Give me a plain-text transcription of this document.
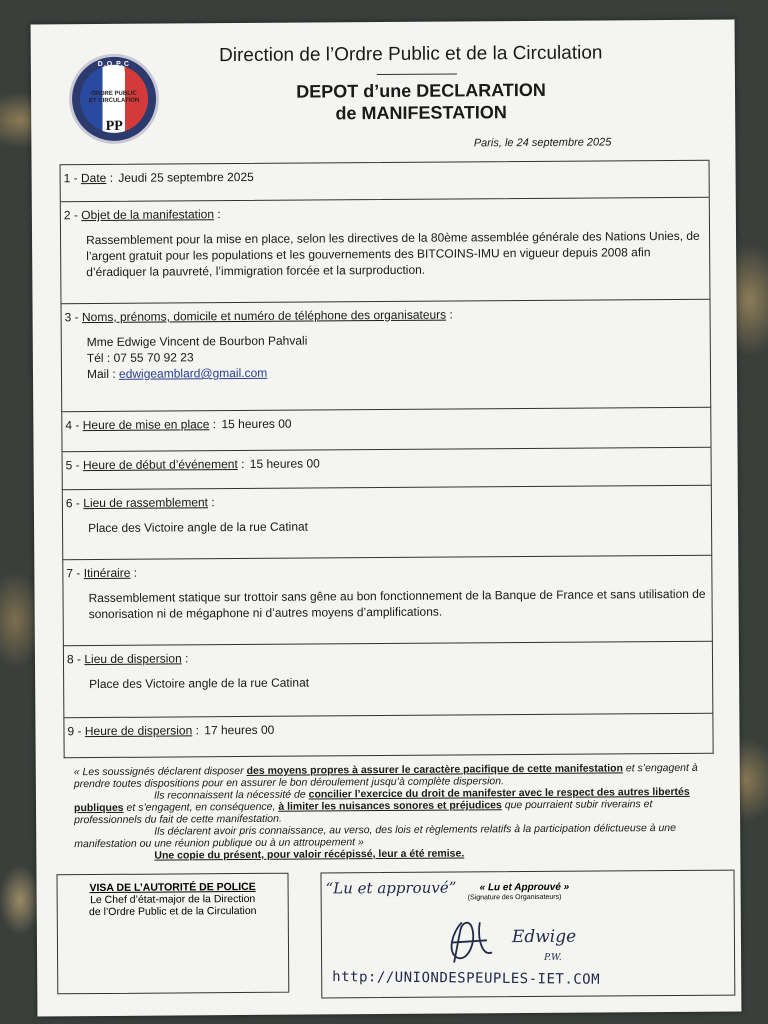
D.O.P.C
ORDRE PUBLIC
ET CIRCULATION
PP
Direction de l’Ordre Public et de la Circulation
DEPOT d’une DECLARATION
de MANIFESTATION
Paris, le 24 septembre 2025
1 - Date : Jeudi 25 septembre 2025
2 - Objet de la manifestation :
Rassemblement pour la mise en place, selon les directives de la 80ème assemblée générale des Nations Unies, de l’argent gratuit pour les populations et les gouvernements des BITCOINS-IMU en vigueur depuis 2008 afin d’éradiquer la pauvreté, l’immigration forcée et la surproduction.
3 - Noms, prénoms, domicile et numéro de téléphone des organisateurs :
Mme Edwige Vincent de Bourbon Pahvali
Tél : 07 55 70 92 23
Mail : edwigeamblard@gmail.com
4 - Heure de mise en place : 15 heures 00
5 - Heure de début d’événement : 15 heures 00
6 - Lieu de rassemblement :
Place des Victoire angle de la rue Catinat
7 - Itinéraire :
Rassemblement statique sur trottoir sans gêne au bon fonctionnement de la Banque de France et sans utilisation de sonorisation ni de mégaphone ni d’autres moyens d’amplifications.
8 - Lieu de dispersion :
Place des Victoire angle de la rue Catinat
9 - Heure de dispersion : 17 heures 00

« Les soussignés déclarent disposer des moyens propres à assurer le caractère pacifique de cette manifestation et s’engagent à prendre toutes dispositions pour en assurer le bon déroulement jusqu’à complète dispersion.

Ils reconnaissent la nécessité de concilier l’exercice du droit de manifester avec le respect des autres libertés publiques et s’engagent, en conséquence, à limiter les nuisances sonores et préjudices que pourraient subir riverains et professionnels du fait de cette manifestation.

Ils déclarent avoir pris connaissance, au verso, des lois et règlements relatifs à la participation délictueuse à une manifestation ou une réunion publique ou à un attroupement »

Une copie du présent, pour valoir récépissé, leur a été remise.

VISA DE L’AUTORITÉ DE POLICE
Le Chef d’état-major de la Direction
de l’Ordre Public et de la Circulation
“Lu et approuvé” « Lu et Approuvé »
(Signature des Organisateurs)
Edwige
P.W.
http://UNIONDESPEUPLES-IET.COM
